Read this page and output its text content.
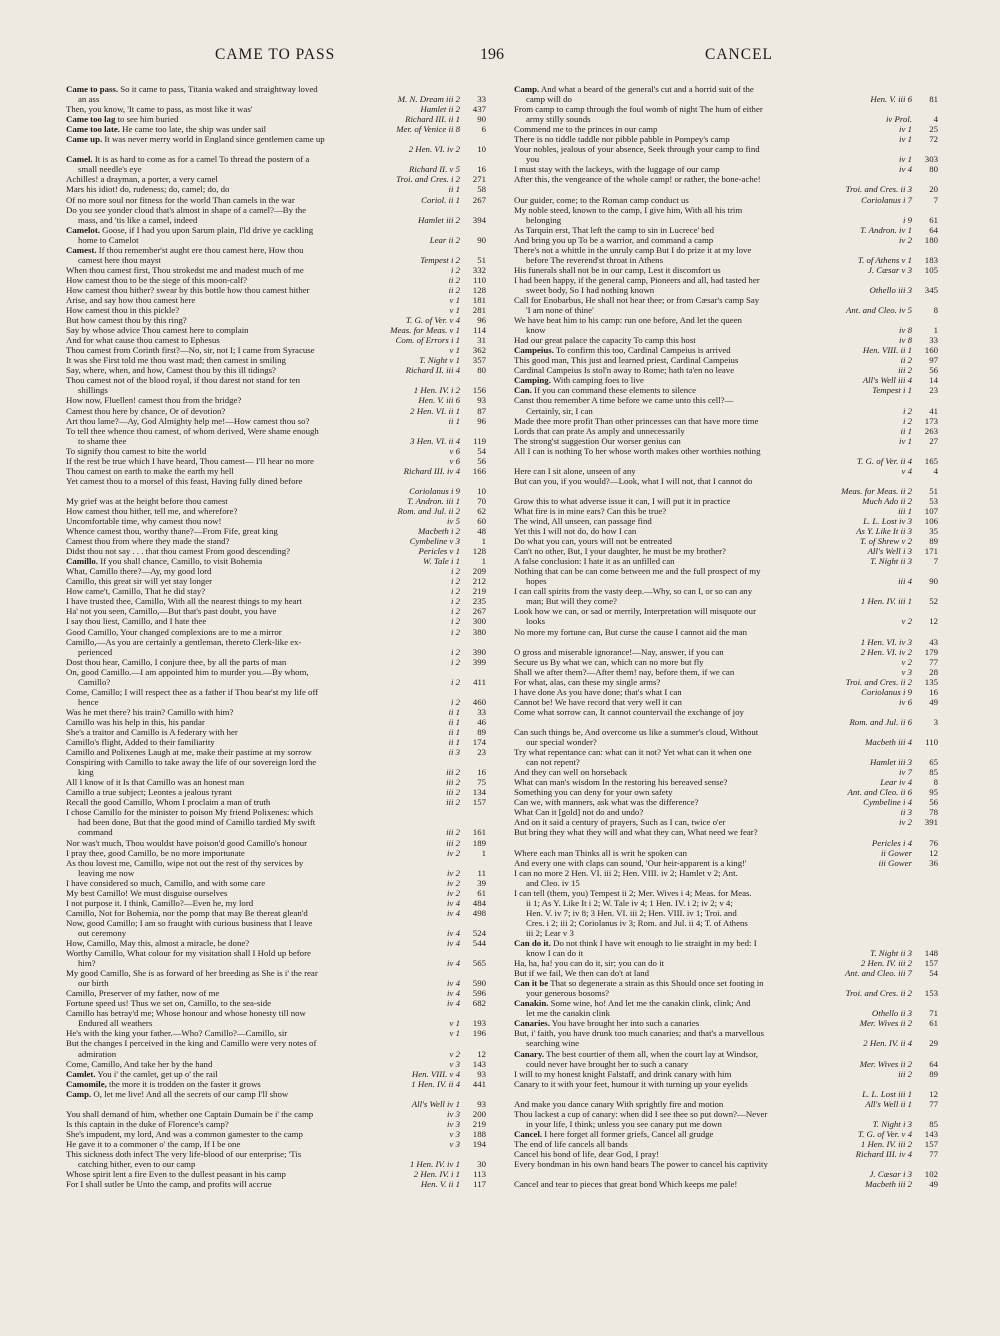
CAME TO PASS	196	CANCEL
Came to pass. So it came to pass, Titania waked and straightway loved
an ass	M. N. Dream iii 2	33
Then, you know, 'It came to pass, as most like it was'	Hamlet ii 2	437
Came too lag to see him buried	Richard III. ii 1	90
Came too late. He came too late, the ship was under sail	Mer. of Venice ii 8	6
Came up. It was never merry world in England since gentlemen came up
2 Hen. VI. iv 2	10
Camel. It is as hard to come as for a camel To thread the postern of a
small needle's eye	Richard II. v 5	16
Achilles! a drayman, a porter, a very camel	Troi. and Cres. i 2	271
Mars his idiot! do, rudeness; do, camel; do, do	ii 1	58
Of no more soul nor fitness for the world Than camels in the war	Coriol. ii 1	267
Do you see yonder cloud that's almost in shape of a camel?—By the
mass, and 'tis like a camel, indeed	Hamlet iii 2	394
Camelot. Goose, if I had you upon Sarum plain, I'ld drive ye cackling
home to Camelot	Lear ii 2	90
Camest. If thou remember'st aught ere thou camest here, How thou
camest here thou mayst	Tempest i 2	51
When thou camest first, Thou strokedst me and madest much of me	i 2	332
How camest thou to be the siege of this moon-calf?	ii 2	110
How camest thou hither? swear by this bottle how thou camest hither	ii 2	128
Arise, and say how thou camest here	v 1	181
How camest thou in this pickle?	v 1	281
But how camest thou by this ring?	T. G. of Ver. v 4	96
Say by whose advice Thou camest here to complain	Meas. for Meas. v 1	114
And for what cause thou camest to Ephesus	Com. of Errors i 1	31
Thou camest from Corinth first?—No, sir, not I; I came from Syracuse	v 1	362
It was she First told me thou wast mad; then camest in smiling	T. Night v 1	357
Say, where, when, and how, Camest thou by this ill tidings?	Richard II. iii 4	80
Thou camest not of the blood royal, if thou darest not stand for ten
shillings	1 Hen. IV. i 2	156
How now, Fluellen! camest thou from the bridge?	Hen. V. iii 6	93
Camest thou here by chance, Or of devotion?	2 Hen. VI. ii 1	87
Art thou lame?—Ay, God Almighty help me!—How camest thou so?	ii 1	96
To tell thee whence thou camest, of whom derived, Were shame enough
to shame thee	3 Hen. VI. ii 4	119
To signify thou camest to bite the world	v 6	54
If the rest be true which I have heard, Thou camest— I'll hear no more	v 6	56
Thou camest on earth to make the earth my hell	Richard III. iv 4	166
Yet camest thou to a morsel of this feast, Having fully dined before
Coriolanus i 9	10
My grief was at the height before thou camest	T. Andron. iii 1	70
How camest thou hither, tell me, and wherefore?	Rom. and Jul. ii 2	62
Uncomfortable time, why camest thou now!	iv 5	60
Whence camest thou, worthy thane?—From Fife, great king	Macbeth i 2	48
Camest thou from where they made the stand?	Cymbeline v 3	1
Didst thou not say . . . that thou camest From good descending?	Pericles v 1	128
Camillo. If you shall chance, Camillo, to visit Bohemia	W. Tale i 1	1
What, Camillo there?—Ay, my good lord	i 2	209
Camillo, this great sir will yet stay longer	i 2	212
How came't, Camillo, That he did stay?	i 2	219
I have trusted thee, Camillo, With all the nearest things to my heart	i 2	235
Ha' not you seen, Camillo,—But that's past doubt, you have	i 2	267
I say thou liest, Camillo, and I hate thee	i 2	300
Good Camillo, Your changed complexions are to me a mirror	i 2	380
Camillo,—As you are certainly a gentleman, thereto Clerk-like ex-
perienced	i 2	390
Dost thou hear, Camillo, I conjure thee, by all the parts of man	i 2	399
On, good Camillo.—I am appointed him to murder you.—By whom,
Camillo?	i 2	411
Come, Camillo; I will respect thee as a father if Thou bear'st my life off
hence	i 2	460
Was he met there? his train? Camillo with him?	ii 1	33
Camillo was his help in this, his pandar	ii 1	46
She's a traitor and Camillo is A federary with her	ii 1	89
Camillo's flight, Added to their familiarity	ii 1	174
Camillo and Polixenes Laugh at me, make their pastime at my sorrow	ii 3	23
Conspiring with Camillo to take away the life of our sovereign lord the
king	iii 2	16
All I know of it Is that Camillo was an honest man	iii 2	75
Camillo a true subject; Leontes a jealous tyrant	iii 2	134
Recall the good Camillo, Whom I proclaim a man of truth	iii 2	157
I chose Camillo for the minister to poison My friend Polixenes: which
had been done, But that the good mind of Camillo tardied My swift
command	iii 2	161
Nor was't much, Thou wouldst have poison'd good Camillo's honour	iii 2	189
I pray thee, good Camillo, be no more importunate	iv 2	1
As thou lovest me, Camillo, wipe not out the rest of thy services by
leaving me now	iv 2	11
I have considered so much, Camillo, and with some care	iv 2	39
My best Camillo! We must disguise ourselves	iv 2	61
I not purpose it. I think, Camillo?—Even he, my lord	iv 4	484
Camillo, Not for Bohemia, nor the pomp that may Be thereat glean'd	iv 4	498
Now, good Camillo; I am so fraught with curious business that I leave
out ceremony	iv 4	524
How, Camillo, May this, almost a miracle, be done?	iv 4	544
Worthy Camillo, What colour for my visitation shall I Hold up before
him?	iv 4	565
My good Camillo, She is as forward of her breeding as She is i' the rear
our birth	iv 4	590
Camillo, Preserver of my father, now of me	iv 4	596
Fortune speed us! Thus we set on, Camillo, to the sea-side	iv 4	682
Camillo has betray'd me; Whose honour and whose honesty till now
Endured all weathers	v 1	193
He's with the king your father.—Who? Camillo?—Camillo, sir	v 1	196
But the changes I perceived in the king and Camillo were very notes of
admiration	v 2	12
Come, Camillo, And take her by the hand	v 3	143
Camlet. You i' the camlet, get up o' the rail	Hen. VIII. v 4	93
Camomile, the more it is trodden on the faster it grows	1 Hen. IV. ii 4	441
Camp. O, let me live! And all the secrets of our camp I'll show
All's Well iv 1	93
You shall demand of him, whether one Captain Dumain be i' the camp	iv 3	200
Is this captain in the duke of Florence's camp?	iv 3	219
She's impudent, my lord, And was a common gamester to the camp	v 3	188
He gave it to a commoner o' the camp, If I be one	v 3	194
This sickness doth infect The very life-blood of our enterprise; 'Tis
catching hither, even to our camp	1 Hen. IV. iv 1	30
Whose spirit lent a fire Even to the dullest peasant in his camp	2 Hen. IV. i 1	113
For I shall sutler be Unto the camp, and profits will accrue	Hen. V. ii 1	117
Camp. And what a beard of the general's cut and a horrid suit of the
camp will do	Hen. V. iii 6	81
From camp to camp through the foul womb of night The hum of either
army stilly sounds	iv Prol.	4
Commend me to the princes in our camp	iv 1	25
There is no tiddle taddle nor pibble pabble in Pompey's camp	iv 1	72
Your nobles, jealous of your absence, Seek through your camp to find
you	iv 1	303
I must stay with the lackeys, with the luggage of our camp	iv 4	80
After this, the vengeance of the whole camp! or rather, the bone-ache!
Troi. and Cres. ii 3	20
Our guider, come; to the Roman camp conduct us	Coriolanus i 7	7
My noble steed, known to the camp, I give him, With all his trim
belonging	i 9	61
As Tarquin erst, That left the camp to sin in Lucrece' bed	T. Andron. iv 1	64
And bring you up To be a warrior, and command a camp	iv 2	180
There's not a whittle in the unruly camp But I do prize it at my love
before The reverend'st throat in Athens	T. of Athens v 1	183
His funerals shall not be in our camp, Lest it discomfort us	J. Cæsar v 3	105
I had been happy, if the general camp, Pioneers and all, had tasted her
sweet body, So I had nothing known	Othello iii 3	345
Call for Enobarbus, He shall not hear thee; or from Cæsar's camp Say
'I am none of thine'	Ant. and Cleo. iv 5	8
We have beat him to his camp: run one before, And let the queen
know	iv 8	1
Had our great palace the capacity To camp this host	iv 8	33
Campeius. To confirm this too, Cardinal Campeius is arrived	Hen. VIII. ii 1	160
This good man, This just and learned priest, Cardinal Campeius	ii 2	97
Cardinal Campeius Is stol'n away to Rome; hath ta'en no leave	iii 2	56
Camping. With camping foes to live	All's Well iii 4	14
Can. If you can command these elements to silence	Tempest i 1	23
Canst thou remember A time before we came unto this cell?—
Certainly, sir, I can	i 2	41
Made thee more profit Than other princesses can that have more time	i 2	173
Lords that can prate As amply and unnecessarily	ii 1	263
The strong'st suggestion Our worser genius can	iv 1	27
All I can is nothing To her whose worth makes other worthies nothing
T. G. of Ver. ii 4	165
Here can I sit alone, unseen of any	v 4	4
But can you, if you would?—Look, what I will not, that I cannot do
Meas. for Meas. ii 2	51
Grow this to what adverse issue it can, I will put it in practice	Much Ado ii 2	53
What fire is in mine ears? Can this be true?	iii 1	107
The wind, All unseen, can passage find	L. L. Lost iv 3	106
Yet this I will not do, do how I can	As Y. Like It ii 3	35
Do what you can, yours will not be entreated	T. of Shrew v 2	89
Can't no other, But, I your daughter, he must be my brother?	All's Well i 3	171
A false conclusion: I hate it as an unfilled can	T. Night ii 3	7
Nothing that can be can come between me and the full prospect of my
hopes	iii 4	90
I can call spirits from the vasty deep.—Why, so can I, or so can any
man; But will they come?	1 Hen. IV. iii 1	52
Look how we can, or sad or merrily, Interpretation will misquote our
looks	v 2	12
No more my fortune can, But curse the cause I cannot aid the man
1 Hen. VI. iv 3	43
O gross and miserable ignorance!—Nay, answer, if you can	2 Hen. VI. iv 2	179
Secure us By what we can, which can no more but fly	v 2	77
Shall we after them?—After them! nay, before them, if we can	v 3	28
For what, alas, can these my single arms?	Troi. and Cres. ii 2	135
I have done As you have done; that's what I can	Coriolanus i 9	16
Cannot be! We have record that very well it can	iv 6	49
Come what sorrow can, It cannot countervail the exchange of joy
Rom. and Jul. ii 6	3
Can such things be, And overcome us like a summer's cloud, Without
our special wonder?	Macbeth iii 4	110
Try what repentance can: what can it not? Yet what can it when one
can not repent?	Hamlet iii 3	65
And they can well on horseback	iv 7	85
What can man's wisdom In the restoring his bereaved sense?	Lear iv 4	8
Something you can deny for your own safety	Ant. and Cleo. ii 6	95
Can we, with manners, ask what was the difference?	Cymbeline i 4	56
What Can it [gold] not do and undo?	ii 3	78
And on it said a century of prayers, Such as I can, twice o'er	iv 2	391
But bring they what they will and what they can, What need we fear?
Pericles i 4	76
Where each man Thinks all is writ he spoken can	ii Gower	12
And every one with claps can sound, 'Our heir-apparent is a king!'	iii Gower	36
I can no more 2 Hen. VI. iii 2; Hen. VIII. iv 2; Hamlet v 2; Ant.
and Cleo. iv 15
I can tell (them, you) Tempest ii 2; Mer. Wives i 4; Meas. for Meas.
ii 1; As Y. Like It i 2; W. Tale iv 4; 1 Hen. IV. i 2; iv 2; v 4;
Hen. V. iv 7; iv 8; 3 Hen. VI. iii 2; Hen. VIII. iv 1; Troi. and
Cres. i 2; iii 2; Coriolanus iv 3; Rom. and Jul. ii 4; T. of Athens
iii 2; Lear v 3
Can do it. Do not think I have wit enough to lie straight in my bed: I
know I can do it	T. Night ii 3	148
Ha, ha, ha! you can do it, sir; you can do it	2 Hen. IV. iii 2	157
But if we fail, We then can do't at land	Ant. and Cleo. iii 7	54
Can it be That so degenerate a strain as this Should once set footing in
your generous bosoms?	Troi. and Cres. ii 2	153
Canakin. Some wine, ho! And let me the canakin clink, clink; And
let me the canakin clink	Othello ii 3	71
Canaries. You have brought her into such a canaries	Mer. Wives ii 2	61
But, i' faith, you have drunk too much canaries; and that's a marvellous
searching wine	2 Hen. IV. ii 4	29
Canary. The best courtier of them all, when the court lay at Windsor,
could never have brought her to such a canary	Mer. Wives ii 2	64
I will to my honest knight Falstaff, and drink canary with him	iii 2	89
Canary to it with your feet, humour it with turning up your eyelids
L. L. Lost iii 1	12
And make you dance canary With sprightly fire and motion	All's Well ii 1	77
Thou lackest a cup of canary: when did I see thee so put down?—Never
in your life, I think; unless you see canary put me down	T. Night i 3	85
Cancel. I here forget all former griefs, Cancel all grudge	T. G. of Ver. v 4	143
The end of life cancels all bands	1 Hen. IV. iii 2	157
Cancel his bond of life, dear God, I pray!	Richard III. iv 4	77
Every bondman in his own hand bears The power to cancel his captivity
J. Cæsar i 3	102
Cancel and tear to pieces that great bond Which keeps me pale!	Macbeth iii 2	49
